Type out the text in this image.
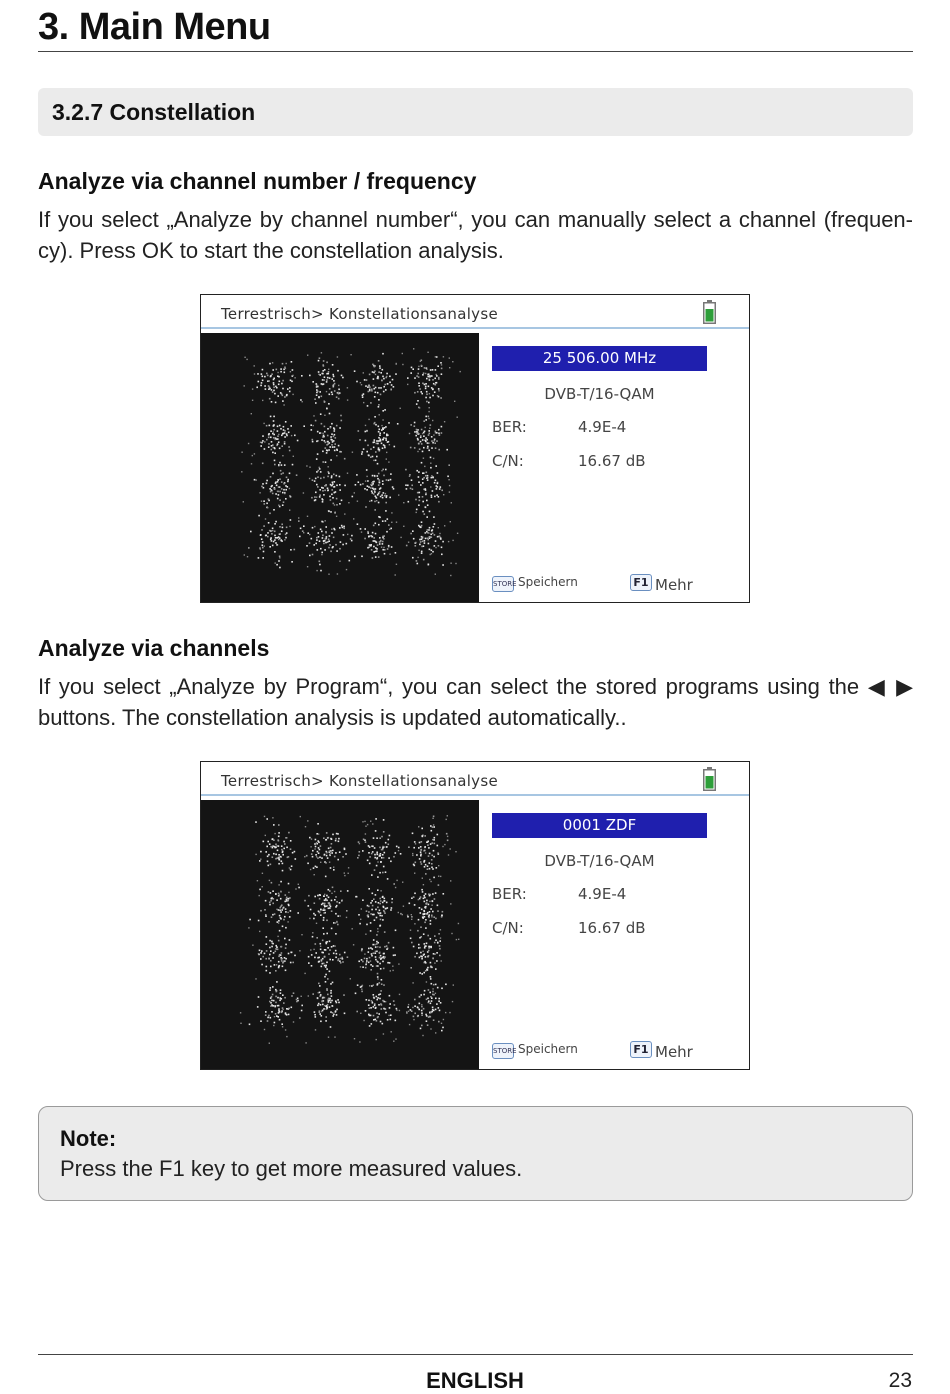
3. Main Menu
3.2.7 Constellation
Analyze via channel number / frequency
If you select „Analyze by channel number“, you can manually select a channel (frequency). Press OK to start the constellation analysis.
Terrestrisch> Konstellationsanalyse
25 506.00 MHz
DVB-T/16-QAM
BER:	4.9E-4
C/N:	16.67 dB
STORE Speichern	F1 Mehr
Analyze via channels
If you select „Analyze by Program“, you can select the stored programs using the ◀ ▶ buttons. The constellation analysis is updated automatically..
Terrestrisch> Konstellationsanalyse
0001 ZDF
DVB-T/16-QAM
BER:	4.9E-4
C/N:	16.67 dB
STORE Speichern	F1 Mehr
Note:
Press the F1 key to get more measured values.
ENGLISH	23
